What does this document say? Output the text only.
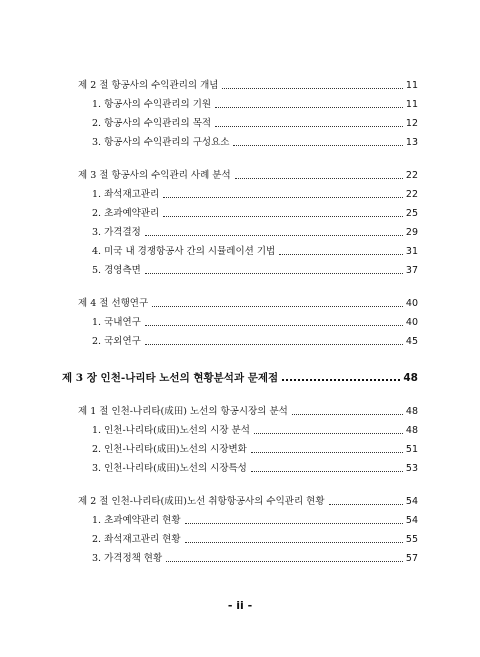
제 2 절 항공사의 수익관리의 개념	11
1. 항공사의 수익관리의 기원	11
2. 항공사의 수익관리의 목적	12
3. 항공사의 수익관리의 구성요소	13
제 3 절 항공사의 수익관리 사례 분석	22
1. 좌석재고관리	22
2. 초과예약관리	25
3. 가격결정	29
4. 미국 내 경쟁항공사 간의 시뮬레이션 기법	31
5. 경영측면	37
제 4 절 선행연구	40
1. 국내연구	40
2. 국외연구	45
제 3 장 인천-나리타 노선의 현황분석과 문제점	48
제 1 절 인천-나리타(成田) 노선의 항공시장의 분석	48
1. 인천-나리타(成田)노선의 시장 분석	48
2. 인천-나리타(成田)노선의 시장변화	51
3. 인천-나리타(成田)노선의 시장특성	53
제 2 절 인천-나리타(成田)노선 취항항공사의 수익관리 현황	54
1. 초과예약관리 현황	54
2. 좌석재고관리 현황	55
3. 가격정책 현황	57
- ii -
